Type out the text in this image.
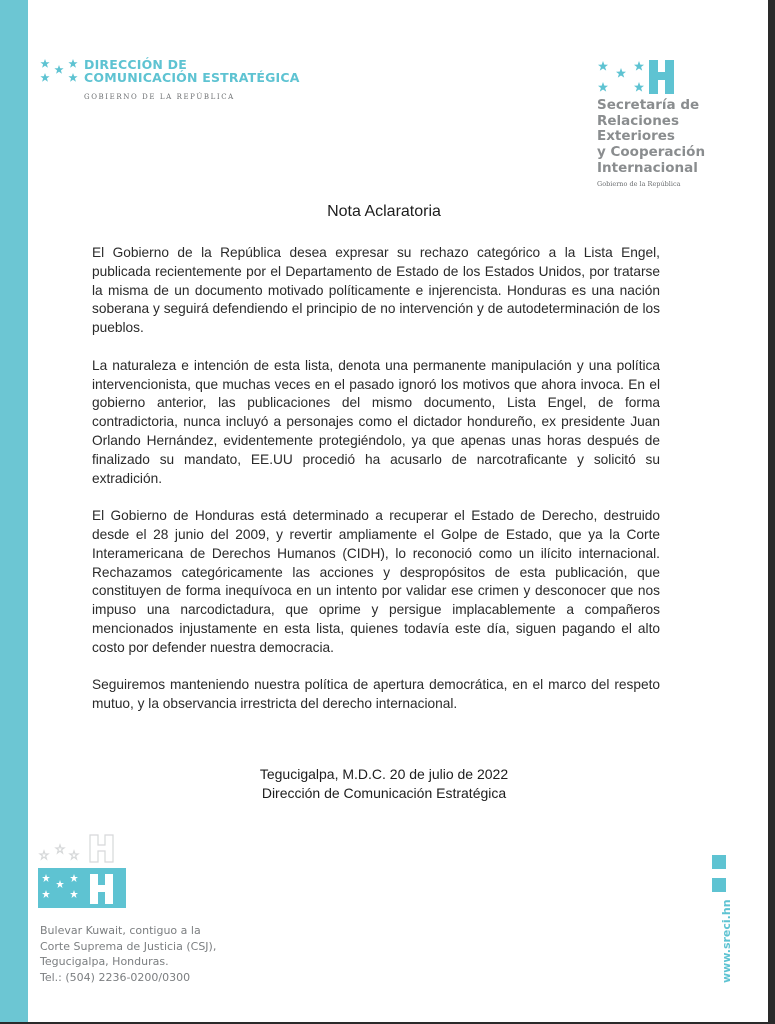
DIRECCIÓN DE
COMUNICACIÓN ESTRATÉGICA
GOBIERNO DE LA REPÚBLICA	Secretaría de
Relaciones
Exteriores
y Cooperación
Internacional
Gobierno de la República
Nota Aclaratoria

El Gobierno de la República desea expresar su rechazo categórico a la Lista Engel, publicada recientemente por el Departamento de Estado de los Estados Unidos, por tratarse la misma de un documento motivado políticamente e injerencista. Honduras es una nación soberana y seguirá defendiendo el principio de no intervención y de autodeterminación de los pueblos.

La naturaleza e intención de esta lista, denota una permanente manipulación y una política intervencionista, que muchas veces en el pasado ignoró los motivos que ahora invoca. En el gobierno anterior, las publicaciones del mismo documento, Lista Engel, de forma contradictoria, nunca incluyó a personajes como el dictador hondureño, ex presidente Juan Orlando Hernández, evidentemente protegiéndolo, ya que apenas unas horas después de finalizado su mandato, EE.UU procedió ha acusarlo de narcotraficante y solicitó su extradición.

El Gobierno de Honduras está determinado a recuperar el Estado de Derecho, destruido desde el 28 junio del 2009, y revertir ampliamente el Golpe de Estado, que ya la Corte Interamericana de Derechos Humanos (CIDH), lo reconoció como un ilícito internacional. Rechazamos categóricamente las acciones y despropósitos de esta publicación, que constituyen de forma inequívoca en un intento por validar ese crimen y desconocer que nos impuso una narcodictadura, que oprime y persigue implacablemente a compañeros mencionados injustamente en esta lista, quienes todavía este día, siguen pagando el alto costo por defender nuestra democracia.

Seguiremos manteniendo nuestra política de apertura democrática, en el marco del respeto mutuo, y la observancia irrestricta del derecho internacional.

Tegucigalpa, M.D.C. 20 de julio de 2022
Dirección de Comunicación Estratégica
Bulevar Kuwait, contiguo a la
Corte Suprema de Justicia (CSJ),
Tegucigalpa, Honduras.
Tel.: (504) 2236-0200/0300	www.sreci.hn
